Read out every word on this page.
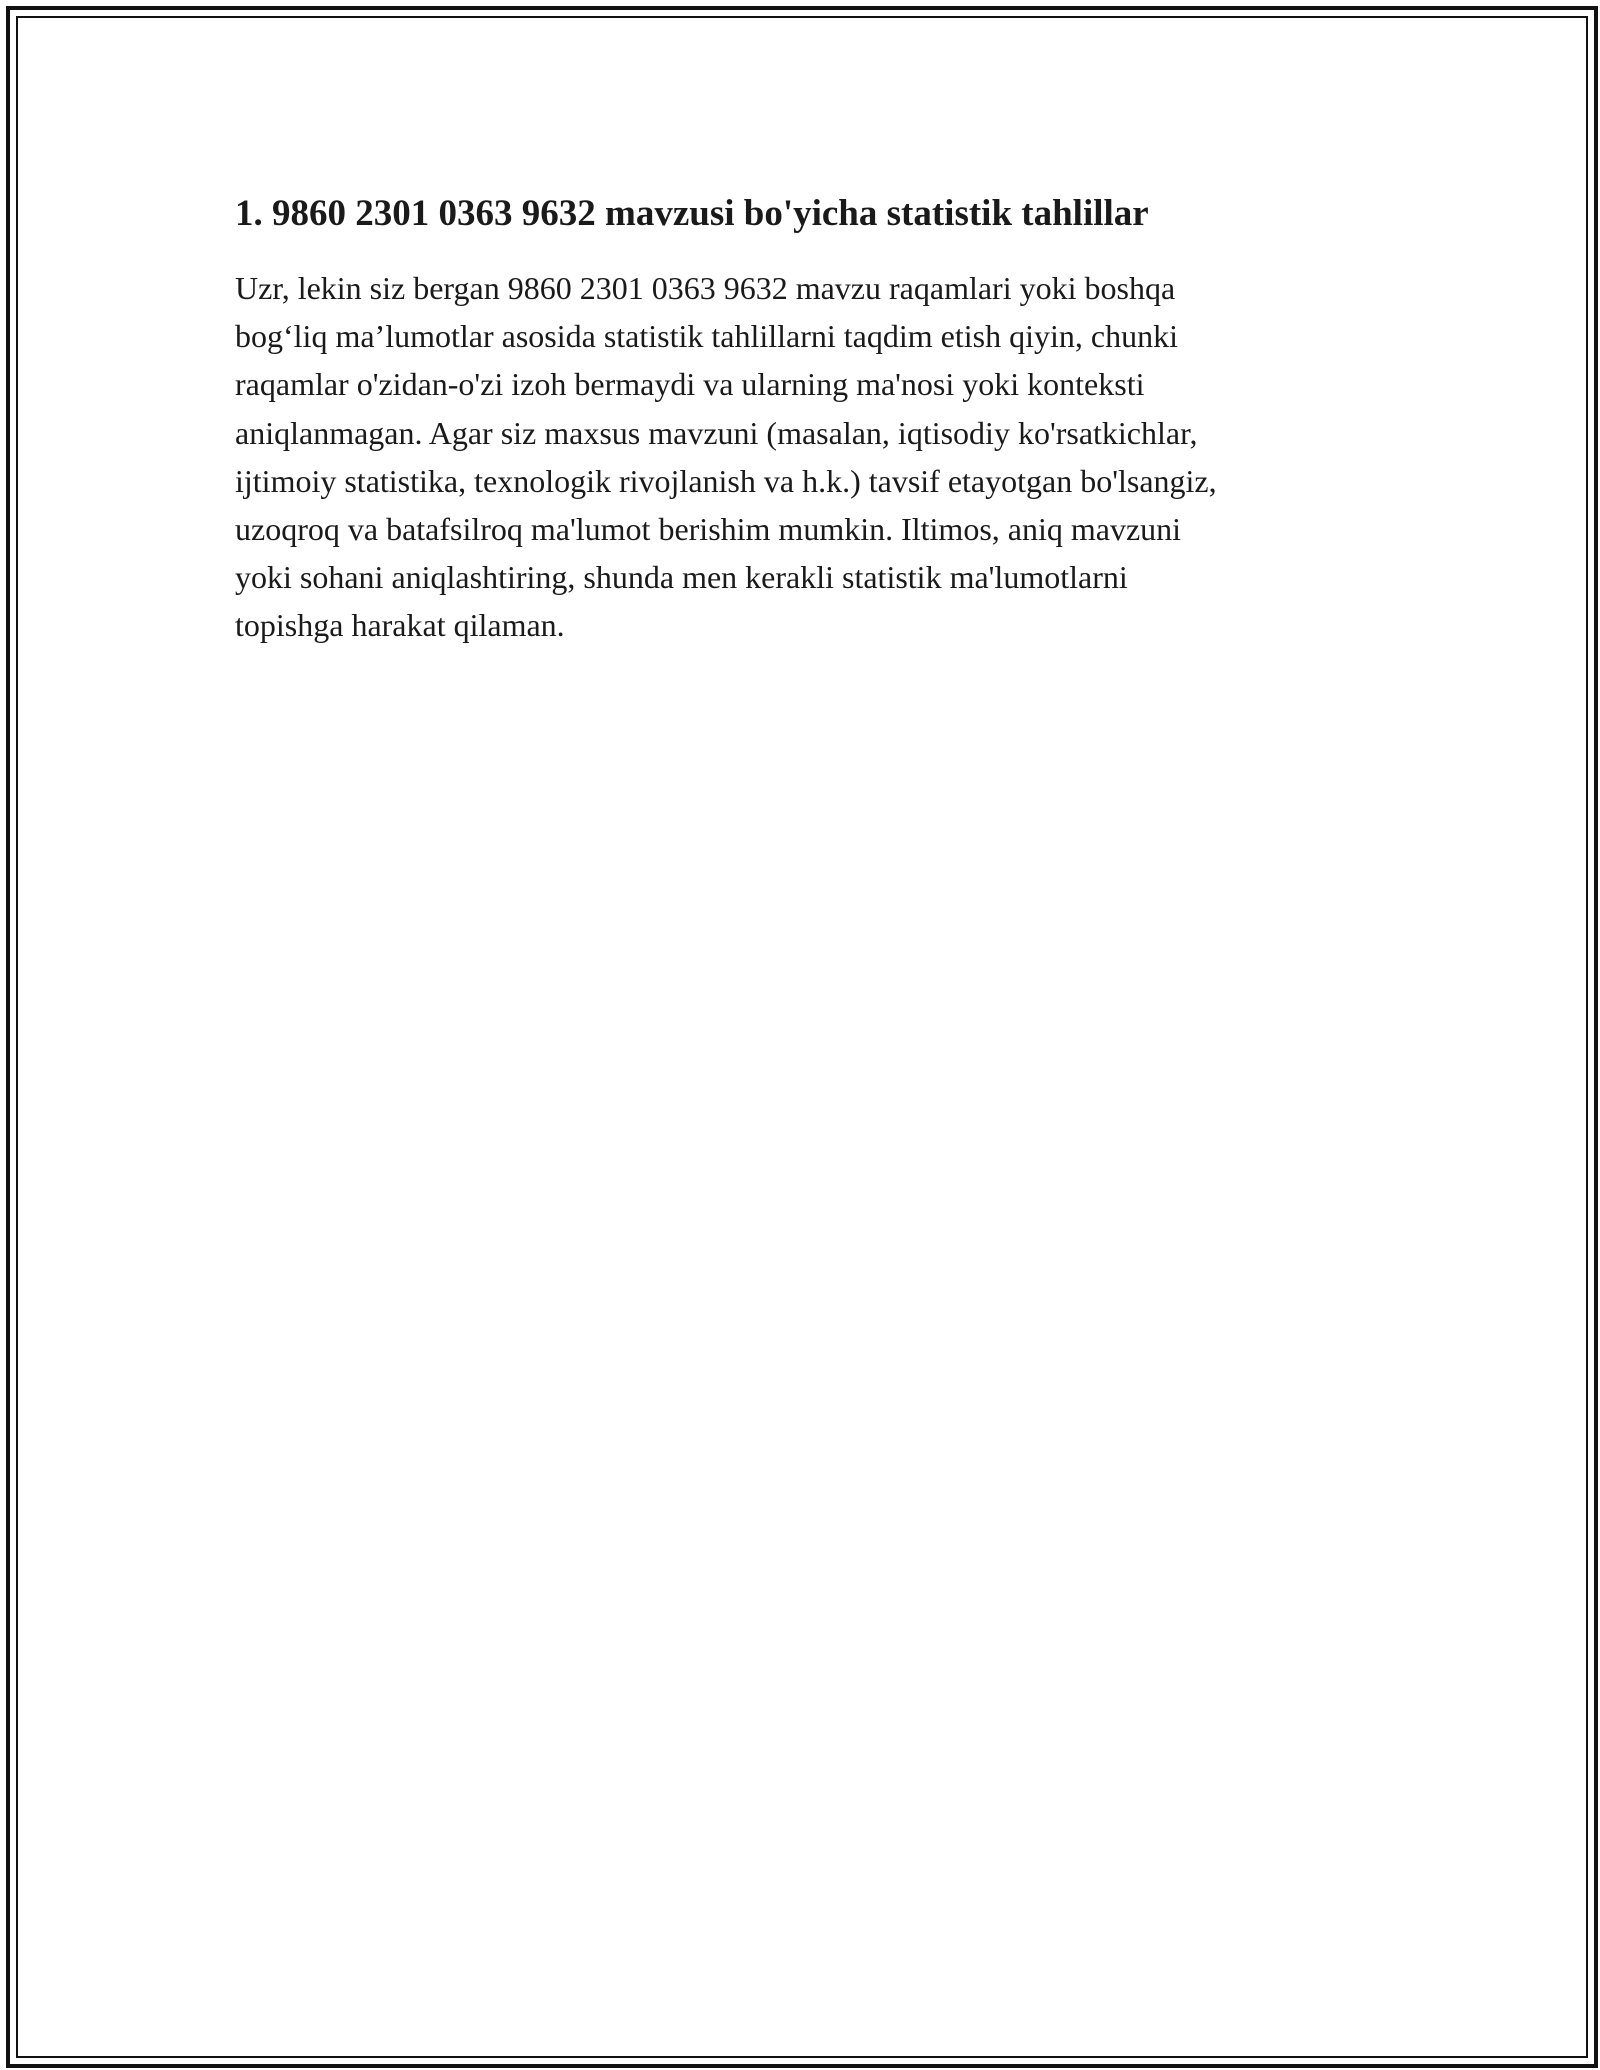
1. 9860 2301 0363 9632 mavzusi bo'yicha statistik tahlillar

Uzr, lekin siz bergan 9860 2301 0363 9632 mavzu raqamlari yoki boshqa
bog‘liq ma’lumotlar asosida statistik tahlillarni taqdim etish qiyin, chunki
raqamlar o'zidan-o'zi izoh bermaydi va ularning ma'nosi yoki konteksti
aniqlanmagan. Agar siz maxsus mavzuni (masalan, iqtisodiy ko'rsatkichlar,
ijtimoiy statistika, texnologik rivojlanish va h.k.) tavsif etayotgan bo'lsangiz,
uzoqroq va batafsilroq ma'lumot berishim mumkin. Iltimos, aniq mavzuni
yoki sohani aniqlashtiring, shunda men kerakli statistik ma'lumotlarni
topishga harakat qilaman.
